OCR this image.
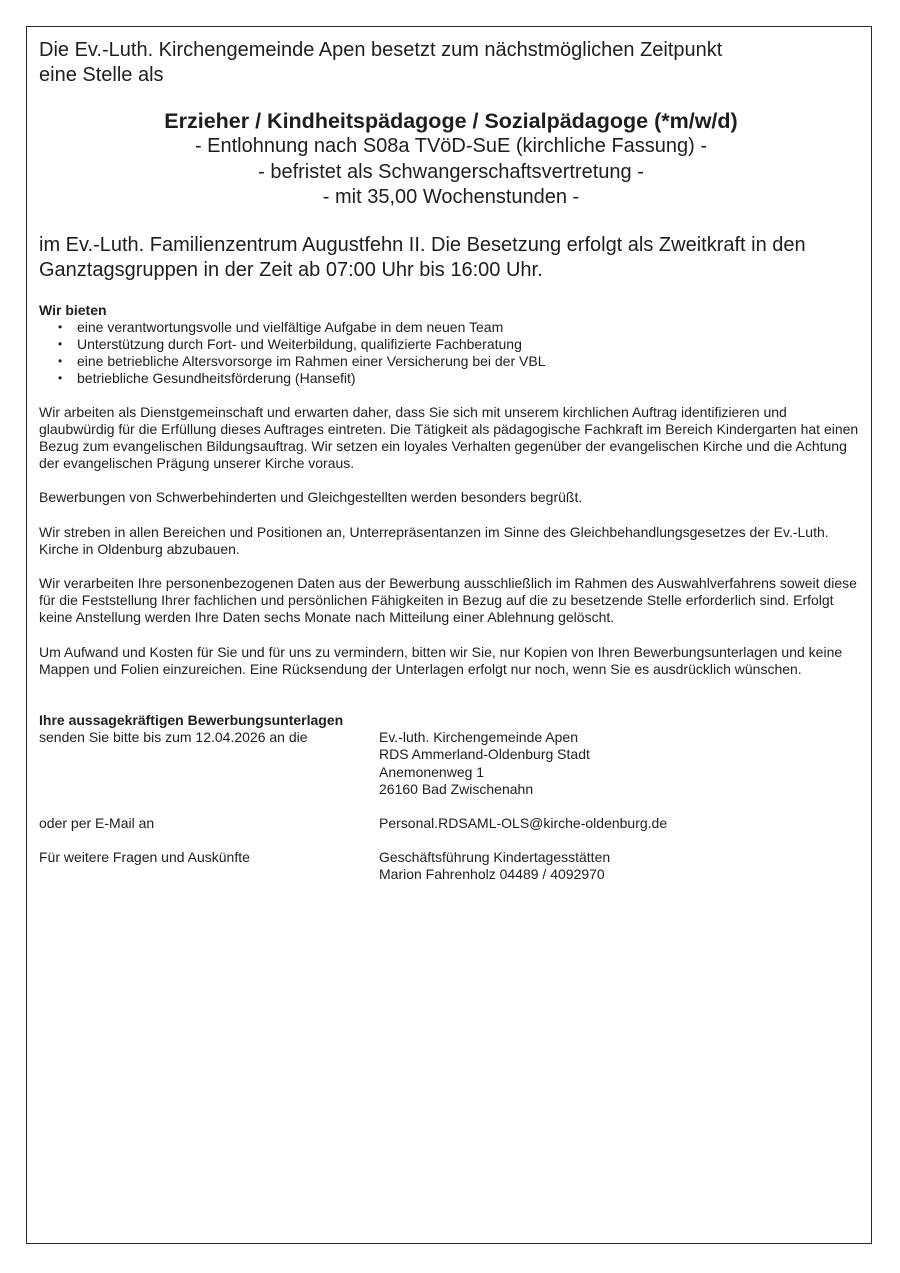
Die Ev.-Luth. Kirchengemeinde Apen besetzt zum nächstmöglichen Zeitpunkt
eine Stelle als
Erzieher / Kindheitspädagoge / Sozialpädagoge (*m/w/d)
- Entlohnung nach S08a TVöD-SuE (kirchliche Fassung) -
- befristet als Schwangerschaftsvertretung -
- mit 35,00 Wochenstunden -

im Ev.-Luth. Familienzentrum Augustfehn II. Die Besetzung erfolgt als Zweitkraft in den Ganztagsgruppen in der Zeit ab 07:00 Uhr bis 16:00 Uhr.

Wir bieten
• eine verantwortungsvolle und vielfältige Aufgabe in dem neuen Team
• Unterstützung durch Fort- und Weiterbildung, qualifizierte Fachberatung
• eine betriebliche Altersvorsorge im Rahmen einer Versicherung bei der VBL
• betriebliche Gesundheitsförderung (Hansefit)

Wir arbeiten als Dienstgemeinschaft und erwarten daher, dass Sie sich mit unserem kirchlichen Auftrag identifizieren und glaubwürdig für die Erfüllung dieses Auftrages eintreten. Die Tätigkeit als pädagogische Fachkraft im Bereich Kindergarten hat einen Bezug zum evangelischen Bildungsauftrag. Wir setzen ein loyales Verhalten gegenüber der evangelischen Kirche und die Achtung der evangelischen Prägung unserer Kirche voraus.

Bewerbungen von Schwerbehinderten und Gleichgestellten werden besonders begrüßt.

Wir streben in allen Bereichen und Positionen an, Unterrepräsentanzen im Sinne des Gleichbehandlungsgesetzes der Ev.-Luth. Kirche in Oldenburg abzubauen.

Wir verarbeiten Ihre personenbezogenen Daten aus der Bewerbung ausschließlich im Rahmen des Auswahlverfahrens soweit diese für die Feststellung Ihrer fachlichen und persönlichen Fähigkeiten in Bezug auf die zu besetzende Stelle erforderlich sind. Erfolgt keine Anstellung werden Ihre Daten sechs Monate nach Mitteilung einer Ablehnung gelöscht.

Um Aufwand und Kosten für Sie und für uns zu vermindern, bitten wir Sie, nur Kopien von Ihren Bewerbungsunterlagen und keine Mappen und Folien einzureichen. Eine Rücksendung der Unterlagen erfolgt nur noch, wenn Sie es ausdrücklich wünschen.

Ihre aussagekräftigen Bewerbungsunterlagen
senden Sie bitte bis zum 12.04.2026 an die	Ev.-luth. Kirchengemeinde Apen
RDS Ammerland-Oldenburg Stadt
Anemonenweg 1
26160 Bad Zwischenahn
oder per E-Mail an	Personal.RDSAML-OLS@kirche-oldenburg.de
Für weitere Fragen und Auskünfte	Geschäftsführung Kindertagesstätten
Marion Fahrenholz 04489 / 4092970
